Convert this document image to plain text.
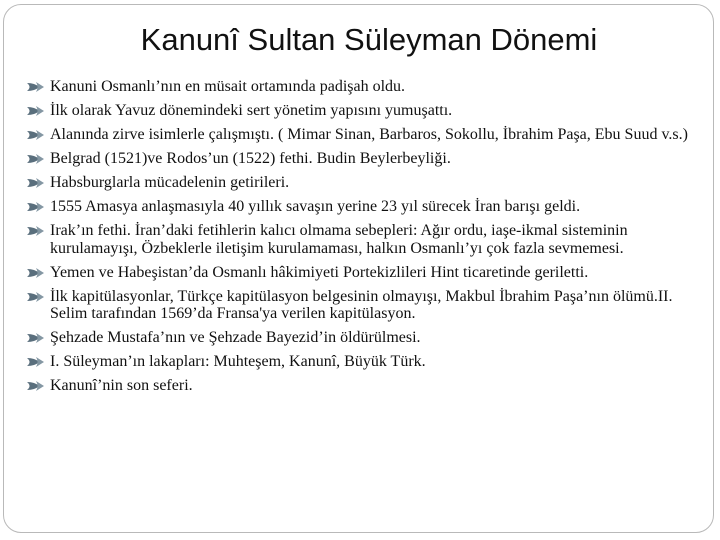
Kanunî Sultan Süleyman Dönemi
Kanuni Osmanlı’nın en müsait ortamında padişah oldu.
İlk olarak Yavuz dönemindeki sert yönetim yapısını yumuşattı.
Alanında zirve isimlerle çalışmıştı. ( Mimar Sinan, Barbaros, Sokollu, İbrahim Paşa, Ebu Suud v.s.)
Belgrad (1521)ve Rodos’un (1522) fethi. Budin Beylerbeyliği.
Habsburglarla mücadelenin getirileri.
1555 Amasya anlaşmasıyla 40 yıllık savaşın yerine 23 yıl sürecek İran barışı geldi.
Irak’ın fethi. İran’daki fetihlerin kalıcı olmama sebepleri: Ağır ordu, iaşe-ikmal sisteminin kurulamayışı, Özbeklerle iletişim kurulamaması, halkın Osmanlı’yı çok fazla sevmemesi.
Yemen ve Habeşistan’da Osmanlı hâkimiyeti Portekizlileri Hint ticaretinde geriletti.
İlk kapitülasyonlar, Türkçe kapitülasyon belgesinin olmayışı, Makbul İbrahim Paşa’nın ölümü.II. Selim tarafından 1569’da Fransa'ya verilen kapitülasyon.
Şehzade Mustafa’nın ve Şehzade Bayezid’in öldürülmesi.
I. Süleyman’ın lakapları: Muhteşem, Kanunî, Büyük Türk.
Kanunî’nin son seferi.
